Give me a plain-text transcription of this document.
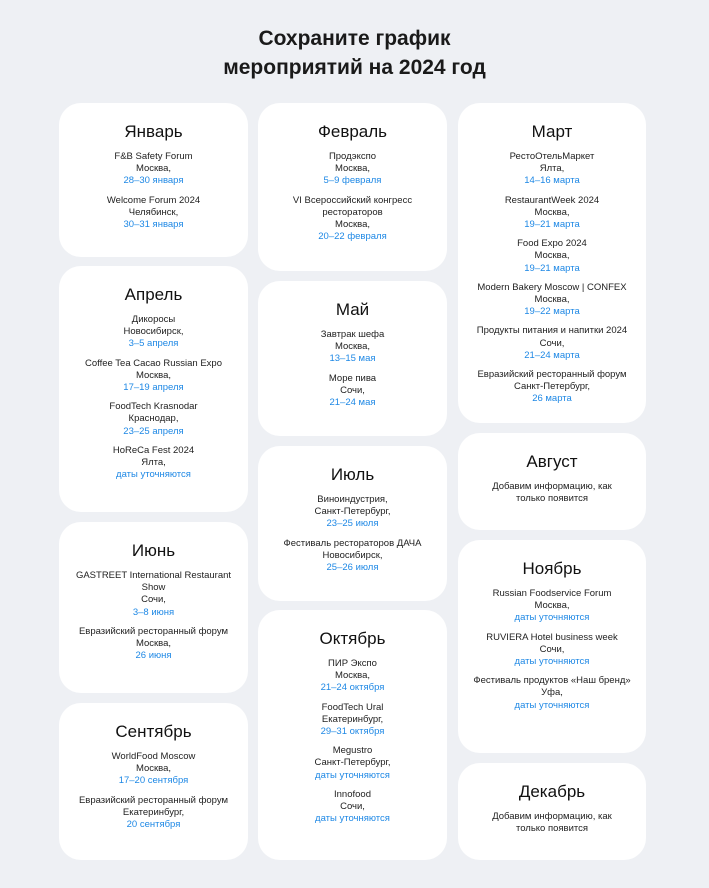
Сохраните график
мероприятий на 2024 год
Январь
F&B Safety Forum
Москва,
28–30 января
Welcome Forum 2024
Челябинск,
30–31 января
Апрель
Дикоросы
Новосибирск,
3–5 апреля
Coffee Tea Cacao Russian Expo
Москва,
17–19 апреля
FoodTech Krasnodar
Краснодар,
23–25 апреля
HoReCa Fest 2024
Ялта,
даты уточняются
Июнь
GASTREET International Restaurant Show
Сочи,
3–8 июня
Евразийский ресторанный форум
Москва,
26 июня
Сентябрь
WorldFood Moscow
Москва,
17–20 сентября
Евразийский ресторанный форум
Екатеринбург,
20 сентября
Февраль
Продэкспо
Москва,
5–9 февраля
VI Всероссийский конгресс рестораторов
Москва,
20–22 февраля
Май
Завтрак шефа
Москва,
13–15 мая
Море пива
Сочи,
21–24 мая
Июль
Виноиндустрия,
Санкт-Петербург,
23–25 июля
Фестиваль рестораторов ДАЧА
Новосибирск,
25–26 июля
Октябрь
ПИР Экспо
Москва,
21–24 октября
FoodTech Ural
Екатеринбург,
29–31 октября
Megustro
Санкт-Петербург,
даты уточняются
Innofood
Сочи,
даты уточняются
Март
РестоОтельМаркет
Ялта,
14–16 марта
RestaurantWeek 2024
Москва,
19–21 марта
Food Expo 2024
Москва,
19–21 марта
Modern Bakery Moscow | CONFEX
Москва,
19–22 марта
Продукты питания и напитки 2024
Сочи,
21–24 марта
Евразийский ресторанный форум
Санкт-Петербург,
26 марта
Август
Добавим информацию, как только появится
Ноябрь
Russian Foodservice Forum
Москва,
даты уточняются
RUVIERA Hotel business week
Сочи,
даты уточняются
Фестиваль продуктов «Наш бренд»
Уфа,
даты уточняются
Декабрь
Добавим информацию, как только появится
